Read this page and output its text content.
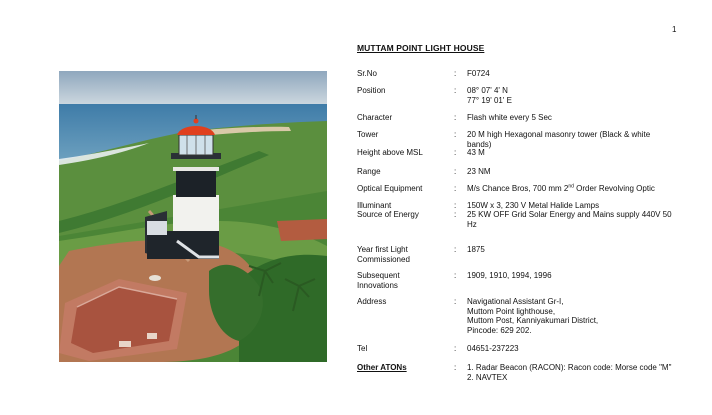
1
MUTTAM POINT LIGHT HOUSE
Sr.No	: F0724
Position	: 08° 07' 4' N
77° 19' 01' E
Character	: Flash white every 5 Sec
Tower	: 20 M high Hexagonal masonry tower (Black & white
bands)
Height above MSL	: 43 M
Range	: 23 NM
Optical Equipment	: M/s Chance Bros, 700 mm 2nd Order Revolving Optic
Illuminant	: 150W x 3, 230 V Metal Halide Lamps
Source of Energy	: 25 KW OFF Grid Solar Energy and Mains supply 440V 50
Hz
Year first Light
Commissioned
: 1875
Subsequent
Innovations
: 1909, 1910, 1994, 1996
Address	: Navigational Assistant Gr-I,
Muttom Point lighthouse,
Muttom Post, Kanniyakumari District,
Pincode: 629 202.
Tel	: 04651-237223
Other ATONs	: 1. Radar Beacon (RACON): Racon code: Morse code "M"
2. NAVTEX
